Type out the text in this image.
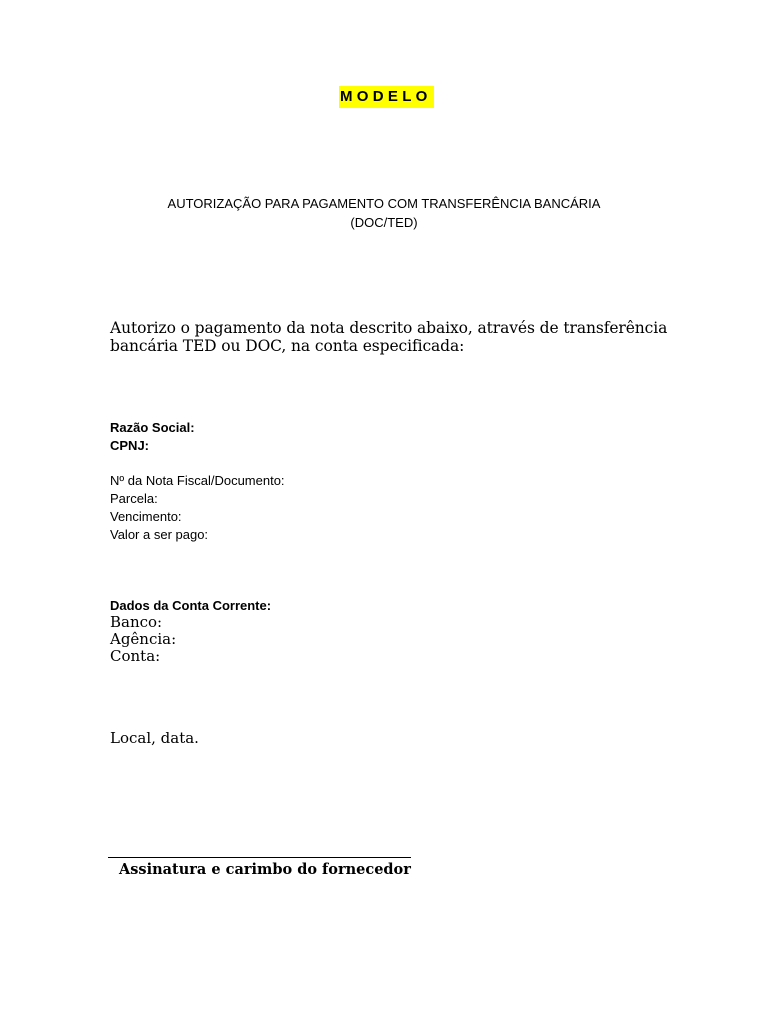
MODELO
AUTORIZAÇÃO PARA PAGAMENTO COM TRANSFERÊNCIA BANCÁRIA
(DOC/TED)
Autorizo o pagamento da nota descrito abaixo, através de transferência
bancária TED ou DOC, na conta especificada:
Razão Social:
CPNJ:
Nº da Nota Fiscal/Documento:
Parcela:
Vencimento:
Valor a ser pago:
Dados da Conta Corrente:
Banco:
Agência:
Conta:
Local, data.
Assinatura e carimbo do fornecedor
